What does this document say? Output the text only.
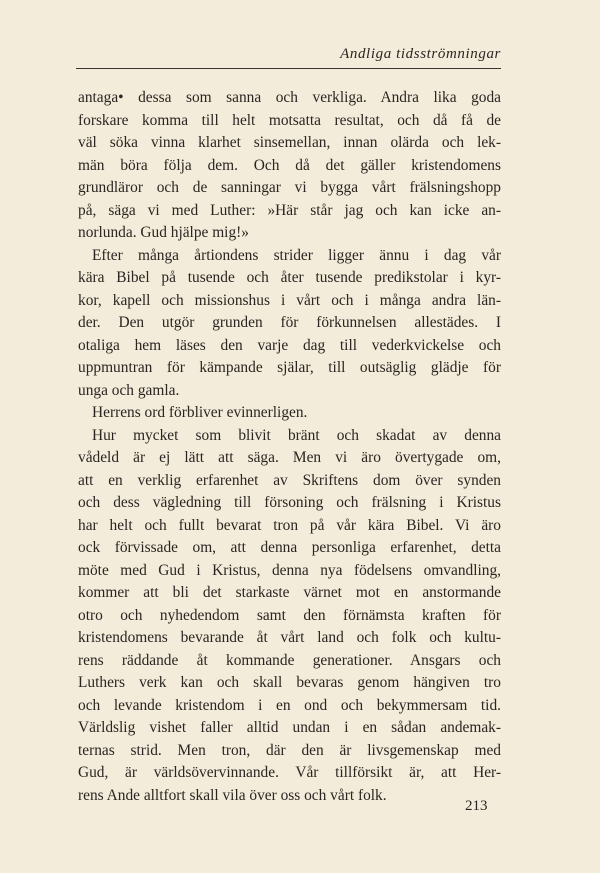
Andliga tidsströmningar
antaga• dessa som sanna och verkliga. Andra lika goda
forskare komma till helt motsatta resultat, och då få de
väl söka vinna klarhet sinsemellan, innan olärda och lek-
män böra följa dem. Och då det gäller kristendomens
grundläror och de sanningar vi bygga vårt frälsningshopp
på, säga vi med Luther: »Här står jag och kan icke an-
norlunda. Gud hjälpe mig!»
Efter många årtiondens strider ligger ännu i dag vår
kära Bibel på tusende och åter tusende predikstolar i kyr-
kor, kapell och missionshus i vårt och i många andra län-
der. Den utgör grunden för förkunnelsen allestädes. I
otaliga hem läses den varje dag till vederkvickelse och
uppmuntran för kämpande själar, till outsäglig glädje för
unga och gamla.
Herrens ord förbliver evinnerligen.
Hur mycket som blivit bränt och skadat av denna
vådeld är ej lätt att säga. Men vi äro övertygade om,
att en verklig erfarenhet av Skriftens dom över synden
och dess vägledning till försoning och frälsning i Kristus
har helt och fullt bevarat tron på vår kära Bibel. Vi äro
ock förvissade om, att denna personliga erfarenhet, detta
möte med Gud i Kristus, denna nya födelsens omvandling,
kommer att bli det starkaste värnet mot en anstormande
otro och nyhedendom samt den förnämsta kraften för
kristendomens bevarande åt vårt land och folk och kultu-
rens räddande åt kommande generationer. Ansgars och
Luthers verk kan och skall bevaras genom hängiven tro
och levande kristendom i en ond och bekymmersam tid.
Världslig vishet faller alltid undan i en sådan andemak-
ternas strid. Men tron, där den är livsgemenskap med
Gud, är världsövervinnande. Vår tillförsikt är, att Her-
rens Ande alltfort skall vila över oss och vårt folk.
213
